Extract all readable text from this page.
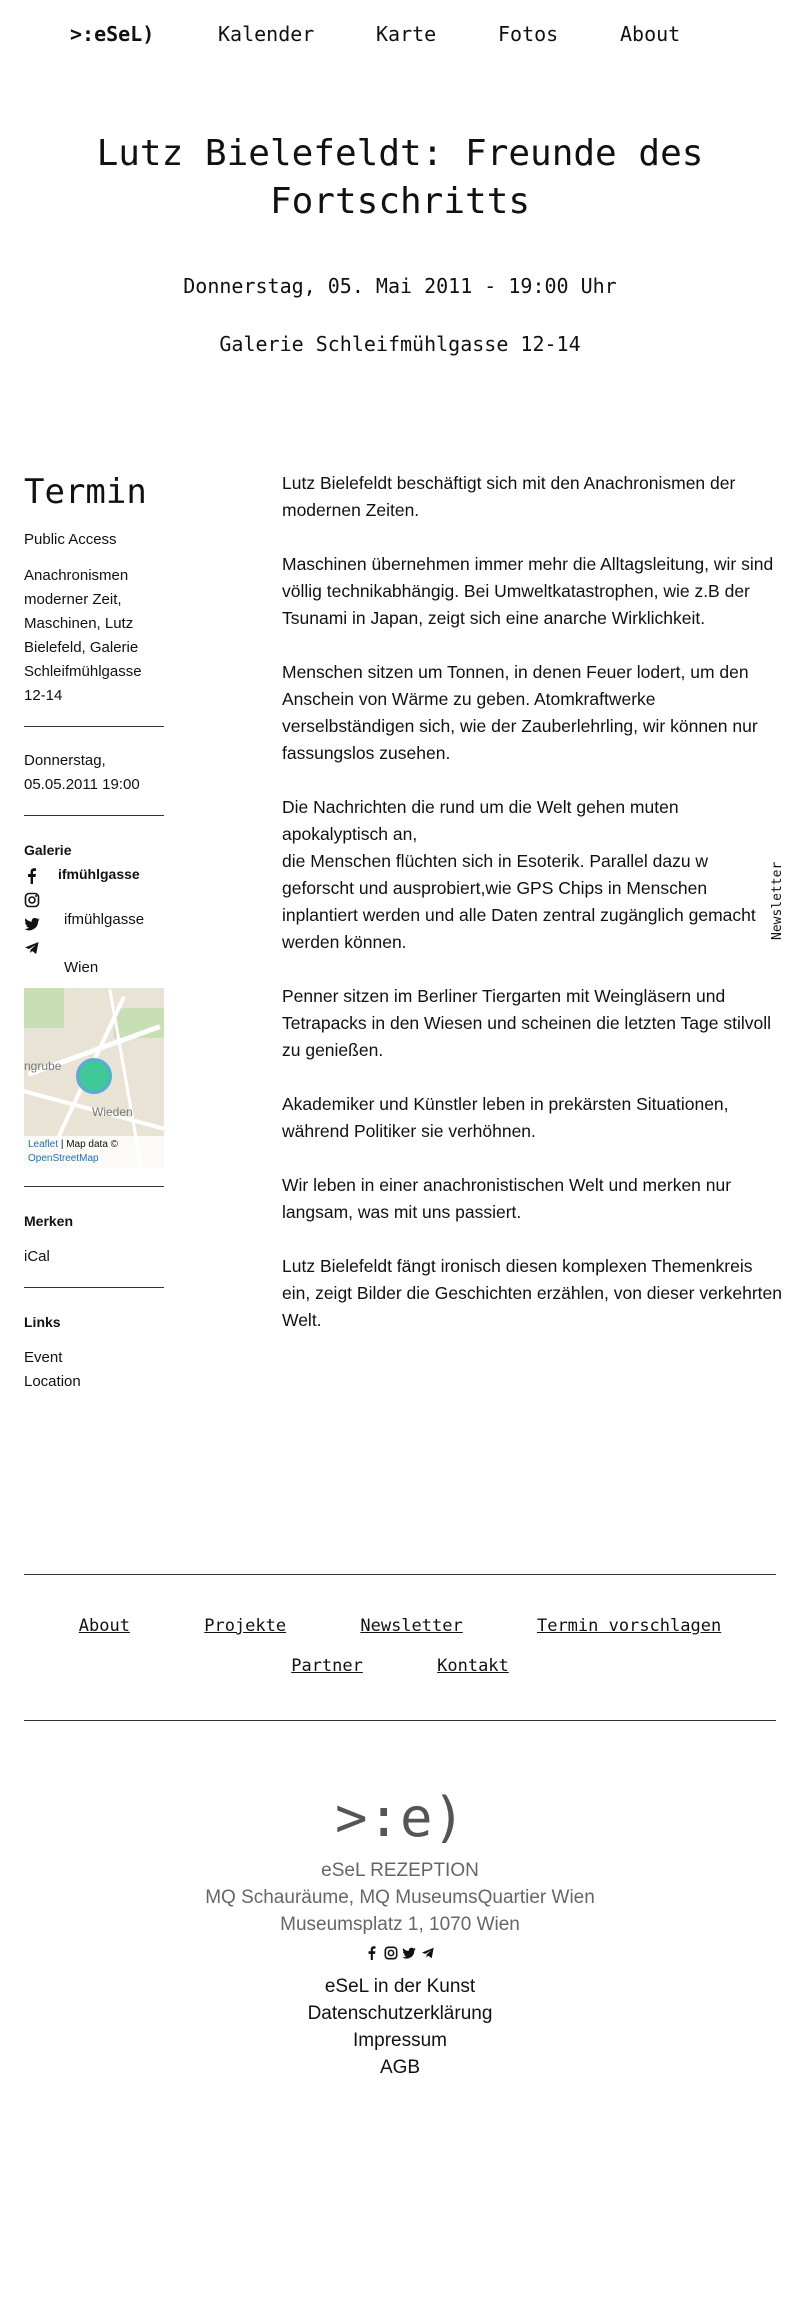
>:eSeL)	Kalender	Karte	Fotos	About
Lutz Bielefeldt: Freunde des Fortschritts
Donnerstag, 05. Mai 2011 - 19:00 Uhr
Galerie Schleifmühlgasse 12-14
Termin

Public Access

Anachronismen moderner Zeit, Maschinen, Lutz Bielefeld, Galerie Schleifmühlgasse 12-14

Donnerstag, 05.05.2011 19:00

Galerie
ifmühlgasse
ifmühlgasse
Wien
ngrube
Wieden
Leaflet | Map data ©
OpenStreetMap

Merken

iCal

Links

Event
Location

Lutz Bielefeldt beschäftigt sich mit den Anachronismen der modernen Zeiten.

Maschinen übernehmen immer mehr die Alltagsleitung, wir sind völlig technikabhängig. Bei Umweltkatastrophen, wie z.B der Tsunami in Japan, zeigt sich eine anarche Wirklichkeit.

Menschen sitzen um Tonnen, in denen Feuer lodert, um den Anschein von Wärme zu geben. Atomkraftwerke verselbständigen sich, wie der Zauberlehrling, wir können nur fassungslos zusehen.

Die Nachrichten die rund um die Welt gehen muten apokalyptisch an,

die Menschen flüchten sich in Esoterik. Parallel dazu w geforscht und ausprobiert,wie GPS Chips in Menschen inplantiert werden und alle Daten zentral zugänglich gemacht werden können.

Penner sitzen im Berliner Tiergarten mit Weingläsern und Tetrapacks in den Wiesen und scheinen die letzten Tage stilvoll zu genießen.

Akademiker und Künstler leben in prekärsten Situationen, während Politiker sie verhöhnen.

Wir leben in einer anachronistischen Welt und merken nur langsam, was mit uns passiert.

Lutz Bielefeldt fängt ironisch diesen komplexen Themenkreis ein, zeigt Bilder die Geschichten erzählen, von dieser verkehrten Welt.

Newsletter
About	Projekte	Newsletter	Termin vorschlagen
Partner	Kontakt
>:e)
eSeL REZEPTION
MQ Schauräume, MQ MuseumsQuartier Wien
Museumsplatz 1, 1070 Wien

eSeL in der Kunst
Datenschutzerklärung
Impressum
AGB
